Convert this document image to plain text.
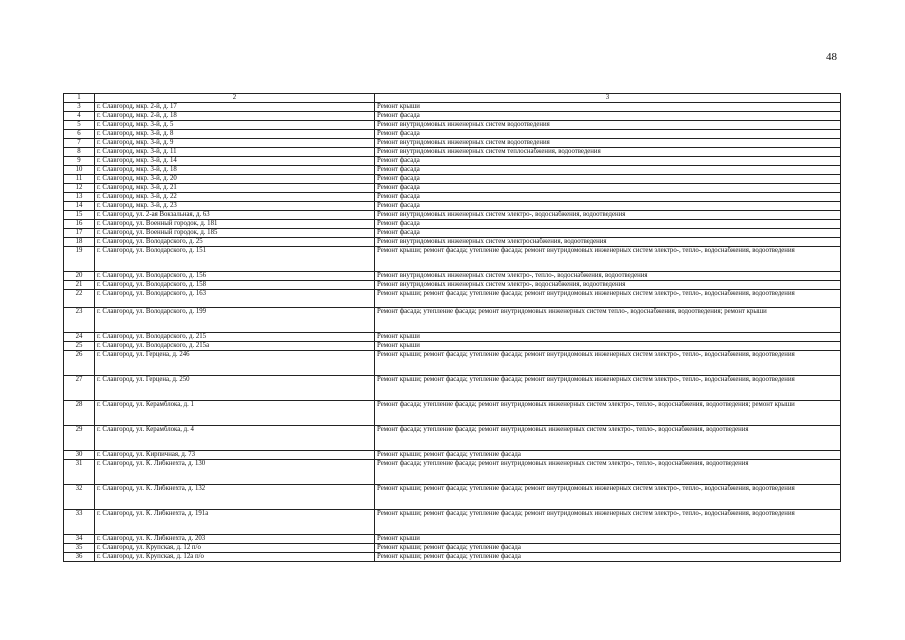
48
1	2	3
3	г. Славгород, мкр. 2-й, д. 17	Ремонт крыши
4	г. Славгород, мкр. 2-й, д. 18	Ремонт фасада
5	г. Славгород, мкр. 3-й, д. 5	Ремонт внутридомовых инженерных систем водоотведения
6	г. Славгород, мкр. 3-й, д. 8	Ремонт фасада
7	г. Славгород, мкр. 3-й, д. 9	Ремонт внутридомовых инженерных систем водоотведения
8	г. Славгород, мкр. 3-й, д. 11	Ремонт внутридомовых инженерных систем теплоснабжения, водоотведения
9	г. Славгород, мкр. 3-й, д. 14	Ремонт фасада
10	г. Славгород, мкр. 3-й, д. 18	Ремонт фасада
11	г. Славгород, мкр. 3-й, д. 20	Ремонт фасада
12	г. Славгород, мкр. 3-й, д. 21	Ремонт фасада
13	г. Славгород, мкр. 3-й, д. 22	Ремонт фасада
14	г. Славгород, мкр. 3-й, д. 23	Ремонт фасада
15	г. Славгород, ул. 2-ая Вокзальная, д. 63	Ремонт внутридомовых инженерных систем электро-, водоснабжения, водоотведения
16	г. Славгород, ул. Военный городок, д. 181	Ремонт фасада
17	г. Славгород, ул. Военный городок, д. 185	Ремонт фасада
18	г. Славгород, ул. Володарского, д. 25	Ремонт внутридомовых инженерных систем электроснабжения, водоотведения
19	г. Славгород, ул. Володарского, д. 151	Ремонт крыши; ремонт фасада; утепление фасада; ремонт внутридомовых инженерных систем электро-, тепло-, водоснабжения, водоотведения
20	г. Славгород, ул. Володарского, д. 156	Ремонт внутридомовых инженерных систем электро-, тепло-, водоснабжения, водоотведения
21	г. Славгород, ул. Володарского, д. 158	Ремонт внутридомовых инженерных систем электро-, водоснабжения, водоотведения
22	г. Славгород, ул. Володарского, д. 163	Ремонт крыши; ремонт фасада; утепление фасада; ремонт внутридомовых инженерных систем электро-, тепло-, водоснабжения, водоотведения
23	г. Славгород, ул. Володарского, д. 199	Ремонт фасада; утепление фасада; ремонт внутридомовых инженерных систем тепло-, водоснабжения, водоотведения; ремонт крыши
24	г. Славгород, ул. Володарского, д. 215	Ремонт крыши
25	г. Славгород, ул. Володарского, д. 215а	Ремонт крыши
26	г. Славгород, ул. Герцена, д. 246	Ремонт крыши; ремонт фасада; утепление фасада; ремонт внутридомовых инженерных систем электро-, тепло-, водоснабжения, водоотведения
27	г. Славгород, ул. Герцена, д. 250	Ремонт крыши; ремонт фасада; утепление фасада; ремонт внутридомовых инженерных систем электро-, тепло-, водоснабжения, водоотведения
28	г. Славгород, ул. Керамблока, д. 1	Ремонт фасада; утепление фасада; ремонт внутридомовых инженерных систем электро-, тепло-, водоснабжения, водоотведения; ремонт крыши
29	г. Славгород, ул. Керамблока, д. 4	Ремонт фасада; утепление фасада; ремонт внутридомовых инженерных систем электро-, тепло-, водоснабжения, водоотведения
30	г. Славгород, ул. Кирпичная, д. 73	Ремонт крыши; ремонт фасада; утепление фасада
31	г. Славгород, ул. К. Либкнехта, д. 130	Ремонт фасада; утепление фасада; ремонт внутридомовых инженерных систем электро-, тепло-, водоснабжения, водоотведения
32	г. Славгород, ул. К. Либкнехта, д. 132	Ремонт крыши; ремонт фасада; утепление фасада; ремонт внутридомовых инженерных систем электро-, тепло-, водоснабжения, водоотведения
33	г. Славгород, ул. К. Либкнехта, д. 191а	Ремонт крыши; ремонт фасада; утепление фасада; ремонт внутридомовых инженерных систем электро-, тепло-, водоснабжения, водоотведения
34	г. Славгород, ул. К. Либкнехта, д. 203	Ремонт крыши
35	г. Славгород, ул. Крупская, д. 12 п/о	Ремонт крыши; ремонт фасада; утепление фасада
36	г. Славгород, ул. Крупская, д. 12а п/о	Ремонт крыши; ремонт фасада; утепление фасада
